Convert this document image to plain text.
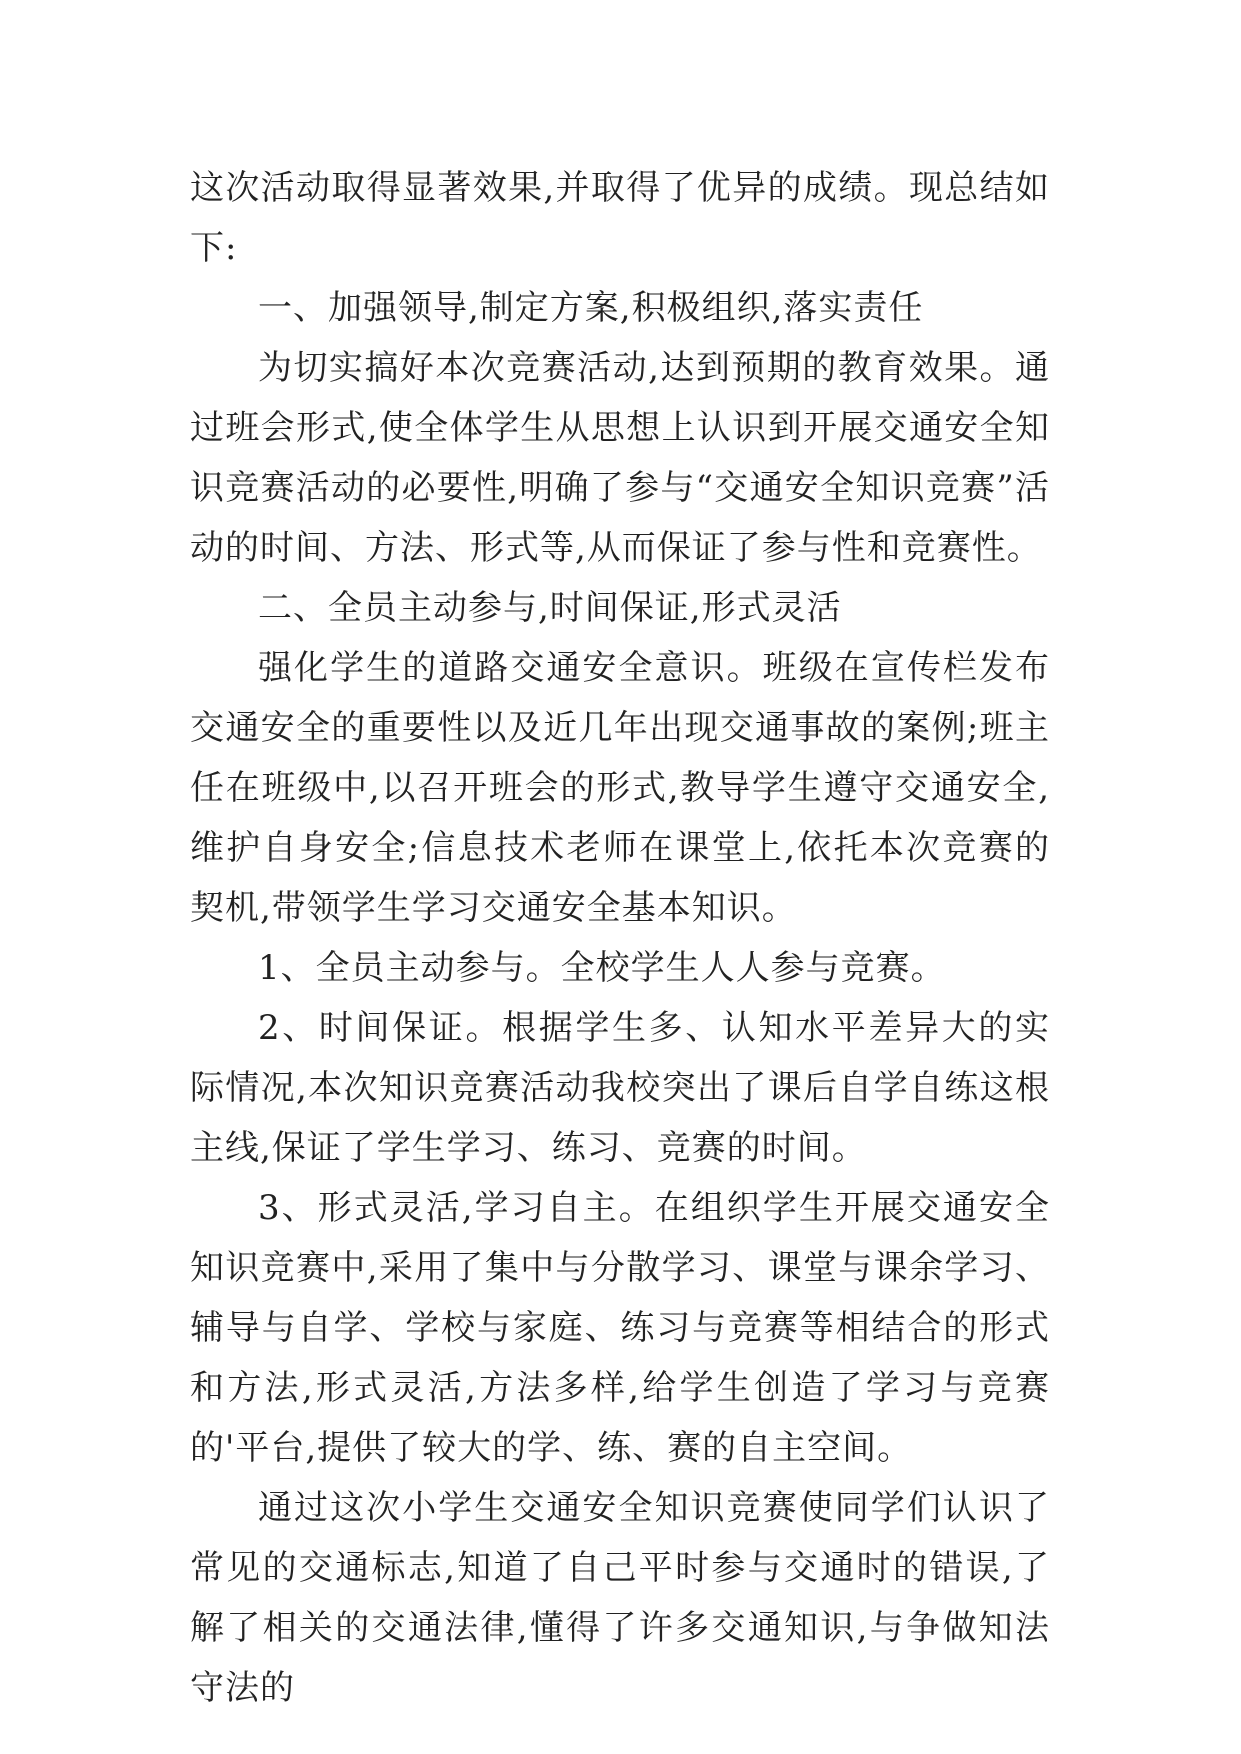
这次活动取得显著效果,并取得了优异的成绩。现总结如下:

一、加强领导,制定方案,积极组织,落实责任

为切实搞好本次竞赛活动,达到预期的教育效果。通过班会形式,使全体学生从思想上认识到开展交通安全知识竞赛活动的必要性,明确了参与“交通安全知识竞赛”活动的时间、方法、形式等,从而保证了参与性和竞赛性。

二、全员主动参与,时间保证,形式灵活

强化学生的道路交通安全意识。班级在宣传栏发布交通安全的重要性以及近几年出现交通事故的案例;班主任在班级中,以召开班会的形式,教导学生遵守交通安全,维护自身安全;信息技术老师在课堂上,依托本次竞赛的契机,带领学生学习交通安全基本知识。

1、全员主动参与。全校学生人人参与竞赛。

2、时间保证。根据学生多、认知水平差异大的实际情况,本次知识竞赛活动我校突出了课后自学自练这根主线,保证了学生学习、练习、竞赛的时间。

3、形式灵活,学习自主。在组织学生开展交通安全知识竞赛中,采用了集中与分散学习、课堂与课余学习、辅导与自学、学校与家庭、练习与竞赛等相结合的形式和方法,形式灵活,方法多样,给学生创造了学习与竞赛的'平台,提供了较大的学、练、赛的自主空间。

通过这次小学生交通安全知识竞赛使同学们认识了常见的交通标志,知道了自己平时参与交通时的错误,了解了相关的交通法律,懂得了许多交通知识,与争做知法守法的
